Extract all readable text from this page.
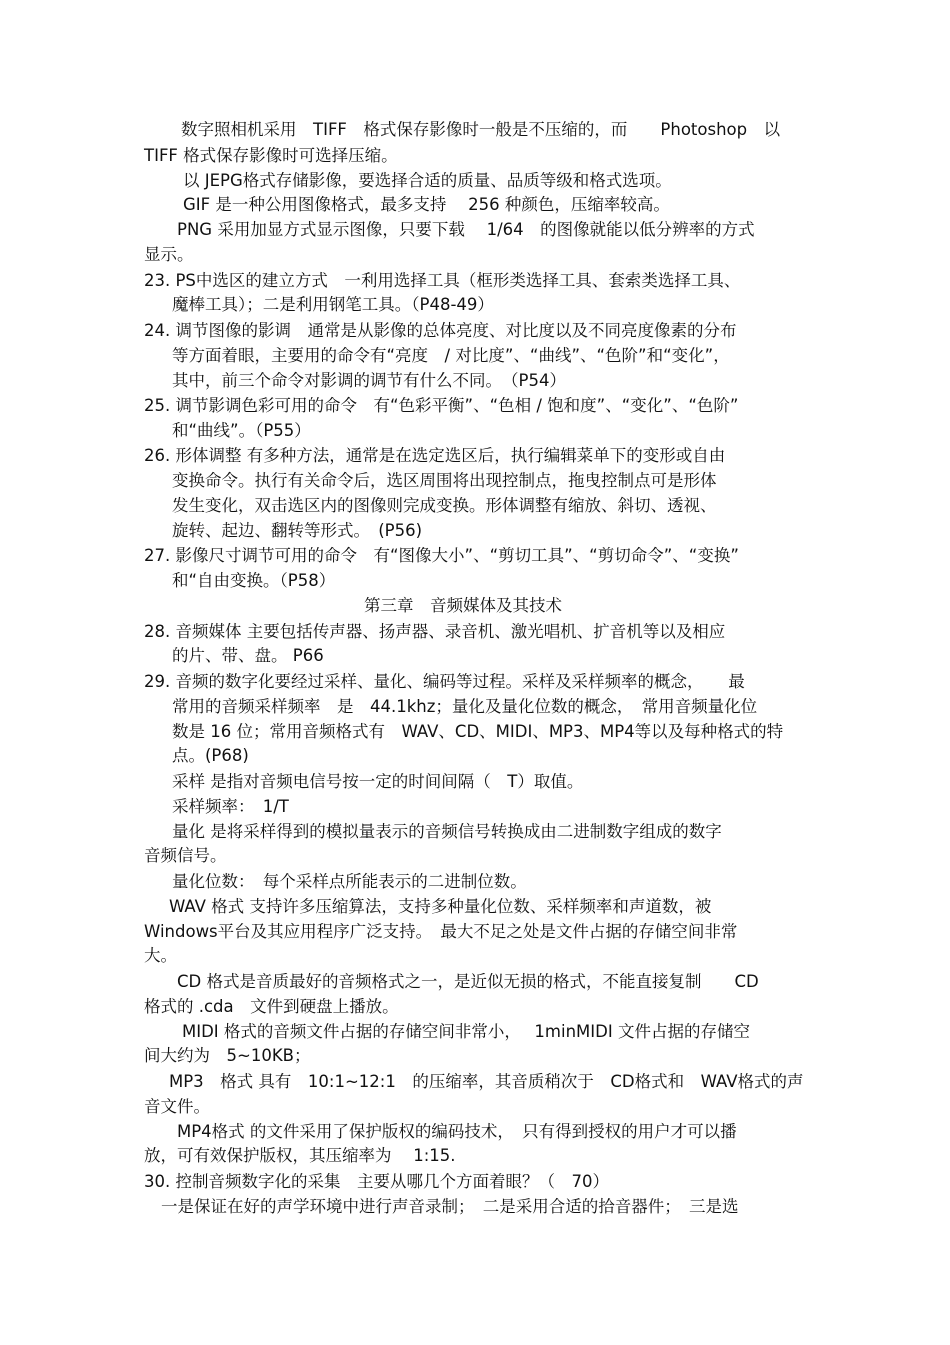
数字照相机采用　TIFF　格式保存影像时一般是不压缩的，而　　Photoshop　以
TIFF 格式保存影像时可选择压缩。
以 JEPG格式存储影像，要选择合适的质量、品质等级和格式选项。
GIF 是一种公用图像格式，最多支持　 256 种颜色，压缩率较高。
PNG 采用加显方式显示图像，只要下载　 1/64　的图像就能以低分辨率的方式
显示。
23. PS中选区的建立方式　一利用选择工具（框形类选择工具、套索类选择工具、
魔棒工具）；二是利用钢笔工具。（P48-49）
24. 调节图像的影调　通常是从影像的总体亮度、对比度以及不同亮度像素的分布
等方面着眼，主要用的命令有“亮度　/ 对比度”、“曲线”、“色阶”和“变化”，
其中，前三个命令对影调的调节有什么不同。　（P54）
25. 调节影调色彩可用的命令　有“色彩平衡”、“色相 / 饱和度”、“变化”、“色阶”
和“曲线”。（P55）
26. 形体调整 有多种方法，通常是在选定选区后，执行编辑菜单下的变形或自由
变换命令。执行有关命令后，选区周围将出现控制点，拖曳控制点可是形体
发生变化，双击选区内的图像则完成变换。形体调整有缩放、斜切、透视、
旋转、起边、翻转等形式。　(P56)
27. 影像尺寸调节可用的命令　有“图像大小”、“剪切工具”、“剪切命令”、“变换”
和“自由变换。（P58）
第三章　音频媒体及其技术
28. 音频媒体 主要包括传声器、扬声器、录音机、激光唱机、扩音机等以及相应
的片、带、盘。 P66
29. 音频的数字化要经过采样、量化、编码等过程。采样及采样频率的概念，　　最
常用的音频采样频率　是　44.1khz；量化及量化位数的概念，　常用音频量化位
数是 16 位；常用音频格式有　WAV、CD、MIDI、MP3、MP4等以及每种格式的特
点。(P68)
采样 是指对音频电信号按一定的时间间隔（　T）取值。
采样频率：　1/T
量化 是将采样得到的模拟量表示的音频信号转换成由二进制数字组成的数字
音频信号。
量化位数：　每个采样点所能表示的二进制位数。
WAV 格式 支持许多压缩算法，支持多种量化位数、采样频率和声道数，被
Windows平台及其应用程序广泛支持。　最大不足之处是文件占据的存储空间非常
大。
CD 格式是音质最好的音频格式之一，是近似无损的格式，不能直接复制　　CD
格式的 .cda　文件到硬盘上播放。
MIDI 格式的音频文件占据的存储空间非常小，　 1minMIDI 文件占据的存储空
间大约为　5~10KB；
MP3　格式 具有　10:1~12:1　的压缩率，其音质稍次于　CD格式和　WAV格式的声
音文件。
MP4格式 的文件采用了保护版权的编码技术，　只有得到授权的用户才可以播
放，可有效保护版权，其压缩率为　 1:15.
30. 控制音频数字化的采集　主要从哪几个方面着眼？（　70）
一是保证在好的声学环境中进行声音录制；　二是采用合适的拾音器件；　三是选
